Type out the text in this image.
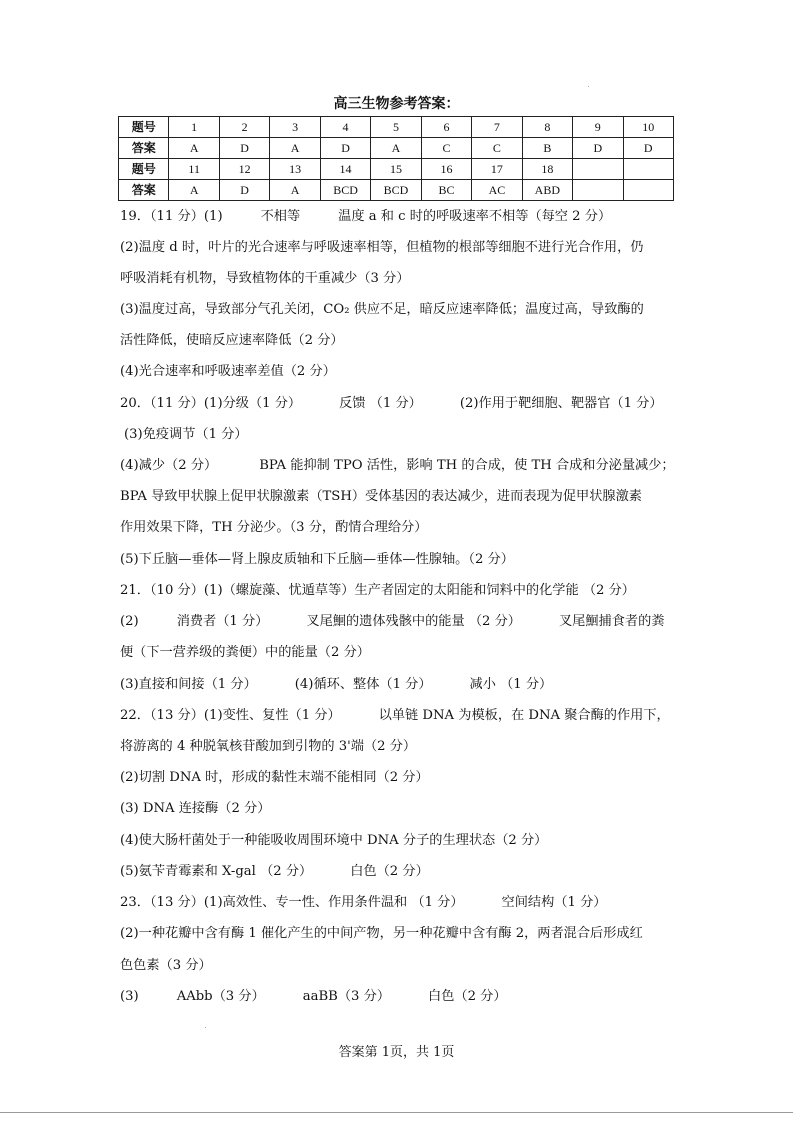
高三生物参考答案：
题号	1	2	3	4	5	6	7	8	9	10
答案	A	D	A	D	A	C	C	B	D	D
题号	11	12	13	14	15	16	17	18		
答案	A	D	A	BCD	BCD	BC	AC	ABD		
19．（11 分）(1)	不相等	温度 a 和 c 时的呼吸速率不相等（每空 2 分）
(2)温度 d 时，叶片的光合速率与呼吸速率相等，但植物的根部等细胞不进行光合作用，仍
呼吸消耗有机物，导致植物体的干重减少（3 分）
(3)温度过高，导致部分气孔关闭，CO₂ 供应不足，暗反应速率降低；温度过高，导致酶的
活性降低，使暗反应速率降低（2 分）
(4)光合速率和呼吸速率差值（2 分）
20．（11 分）(1)分级（1 分）	反馈 （1 分）	(2)作用于靶细胞、靶器官（1 分）
(3)免疫调节（1 分）
(4)减少（2 分）	BPA 能抑制 TPO 活性，影响 TH 的合成，使 TH 合成和分泌量减少；
BPA 导致甲状腺上促甲状腺激素（TSH）受体基因的表达减少，进而表现为促甲状腺激素
作用效果下降，TH 分泌少。（3 分，酌情合理给分）
(5)下丘脑—垂体—肾上腺皮质轴和下丘脑—垂体—性腺轴。（2 分）
21．（10 分）(1)（螺旋藻、忧遁草等）生产者固定的太阳能和饲料中的化学能 （2 分）
(2)	消费者（1 分）	叉尾鮰的遗体残骸中的能量 （2 分）	叉尾鮰捕食者的粪
便（下一营养级的粪便）中的能量（2 分）
(3)直接和间接（1 分）	(4)循环、整体（1 分）	减小 （1 分）
22．（13 分）(1)变性、复性（1 分）	以单链 DNA 为模板，在 DNA 聚合酶的作用下，
将游离的 4 种脱氧核苷酸加到引物的 3'端（2 分）
(2)切割 DNA 时，形成的黏性末端不能相同（2 分）
(3) DNA 连接酶（2 分）
(4)使大肠杆菌处于一种能吸收周围环境中 DNA 分子的生理状态（2 分）
(5)氨苄青霉素和 X-gal （2 分）	白色（2 分）
23．（13 分）(1)高效性、专一性、作用条件温和 （1 分）	空间结构（1 分）
(2)一种花瓣中含有酶 1 催化产生的中间产物，另一种花瓣中含有酶 2，两者混合后形成红
色色素（3 分）
(3)	AAbb（3 分）	aaBB（3 分）	白色（2 分）
答案第 1页，共 1页
